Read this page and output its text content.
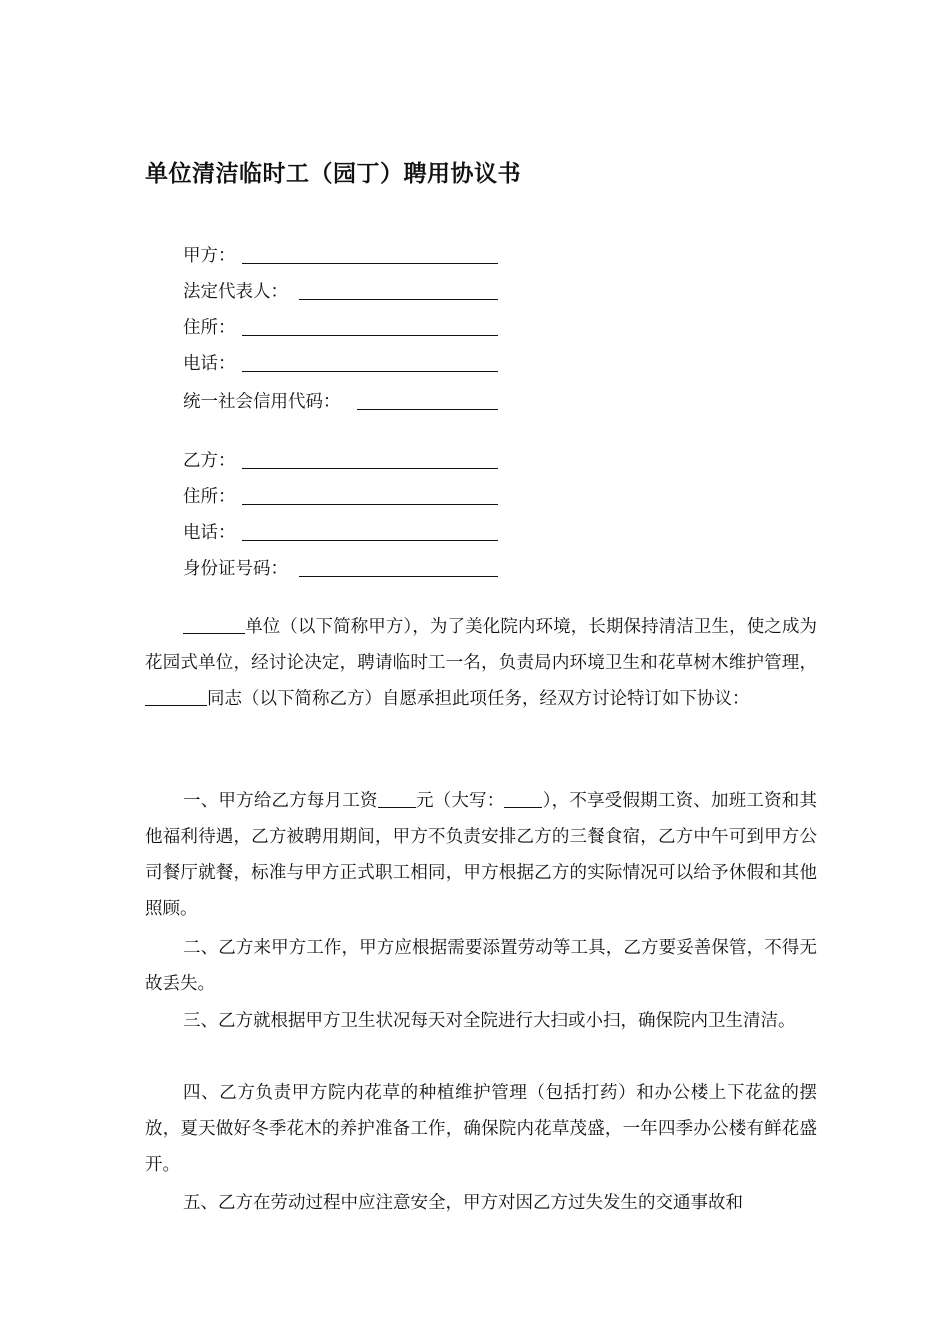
单位清洁临时工（园丁）聘用协议书
甲方：
法定代表人：
住所：
电话：
统一社会信用代码：
乙方：
住所：
电话：
身份证号码：

单位（以下简称甲方），为了美化院内环境，长期保持清洁卫生，使之成为花园式单位，经讨论决定，聘请临时工一名，负责局内环境卫生和花草树木维护管理，同志（以下简称乙方）自愿承担此项任务，经双方讨论特订如下协议：

一、甲方给乙方每月工资 元（大写： ），不享受假期工资、加班工资和其他福利待遇，乙方被聘用期间，甲方不负责安排乙方的三餐食宿，乙方中午可到甲方公司餐厅就餐，标准与甲方正式职工相同，甲方根据乙方的实际情况可以给予休假和其他照顾。

二、乙方来甲方工作，甲方应根据需要添置劳动等工具，乙方要妥善保管，不得无故丢失。

三、乙方就根据甲方卫生状况每天对全院进行大扫或小扫，确保院内卫生清洁。

四、乙方负责甲方院内花草的种植维护管理（包括打药）和办公楼上下花盆的摆放，夏天做好冬季花木的养护准备工作，确保院内花草茂盛，一年四季办公楼有鲜花盛开。

五、乙方在劳动过程中应注意安全，甲方对因乙方过失发生的交通事故和
